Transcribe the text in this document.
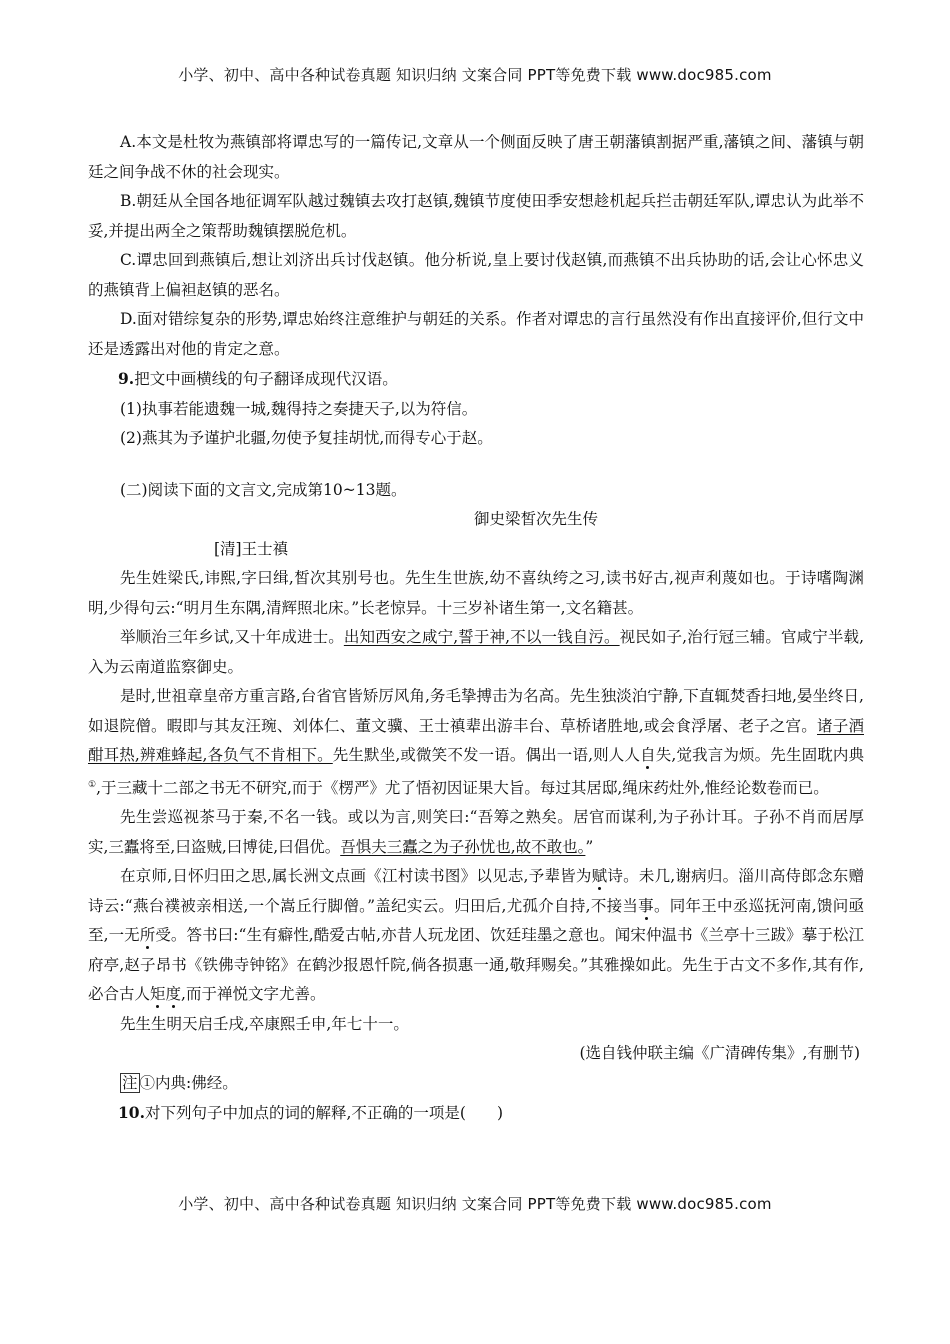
小学、初中、高中各种试卷真题 知识归纳 文案合同 PPT等免费下载 www.doc985.com

A.本文是杜牧为燕镇部将谭忠写的一篇传记,文章从一个侧面反映了唐王朝藩镇割据严重,藩镇之间、藩镇与朝廷之间争战不休的社会现实。

B.朝廷从全国各地征调军队越过魏镇去攻打赵镇,魏镇节度使田季安想趁机起兵拦击朝廷军队,谭忠认为此举不妥,并提出两全之策帮助魏镇摆脱危机。

C.谭忠回到燕镇后,想让刘济出兵讨伐赵镇。他分析说,皇上要讨伐赵镇,而燕镇不出兵协助的话,会让心怀忠义的燕镇背上偏袒赵镇的恶名。

D.面对错综复杂的形势,谭忠始终注意维护与朝廷的关系。作者对谭忠的言行虽然没有作出直接评价,但行文中还是透露出对他的肯定之意。

9.把文中画横线的句子翻译成现代汉语。

(1)执事若能遗魏一城,魏得持之奏捷天子,以为符信。

(2)燕其为予谨护北疆,勿使予复挂胡忧,而得专心于赵。

(二)阅读下面的文言文,完成第10~13题。

御史梁皙次先生传

[清]王士禛

先生姓梁氏,讳熙,字曰缉,皙次其别号也。先生生世族,幼不喜纨绔之习,读书好古,视声利蔑如也。于诗嗜陶渊明,少得句云:“明月生东隅,清辉照北床。”长老惊异。十三岁补诸生第一,文名籍甚。

举顺治三年乡试,又十年成进士。出知西安之咸宁,誓于神,不以一钱自污。视民如子,治行冠三辅。官咸宁半载,入为云南道监察御史。

是时,世祖章皇帝方重言路,台省官皆矫厉风角,务毛挚搏击为名高。先生独淡泊宁静,下直辄焚香扫地,晏坐终日,如退院僧。暇即与其友汪琬、刘体仁、董文骥、王士禛辈出游丰台、草桥诸胜地,或会食浮屠、老子之宫。诸子酒酣耳热,辨难蜂起,各负气不肯相下。先生默坐,或微笑不发一语。偶出一语,则人人自失,觉我言为烦。先生固耽内典①,于三藏十二部之书无不研究,而于《楞严》尤了悟初因证果大旨。每过其居邸,绳床药灶外,惟经论数卷而已。

先生尝巡视茶马于秦,不名一钱。或以为言,则笑曰:“吾筹之熟矣。居官而谋利,为子孙计耳。子孙不肖而居厚实,三蠹将至,曰盗贼,曰博徒,曰倡优。吾惧夫三蠹之为子孙忧也,故不敢也。”

在京师,日怀归田之思,属长洲文点画《江村读书图》以见志,予辈皆为赋诗。未几,谢病归。淄川高侍郎念东赠诗云:“燕台襆被亲相送,一个嵩丘行脚僧。”盖纪实云。归田后,尤孤介自持,不接当事。同年王中丞巡抚河南,馈问亟至,一无所受。答书曰:“生有癖性,酷爱古帖,亦昔人玩龙团、饮廷珪墨之意也。闻宋仲温书《兰亭十三跋》摹于松江府亭,赵子昂书《铁佛寺钟铭》在鹤沙报恩忏院,倘各损惠一通,敬拜赐矣。”其雅操如此。先生于古文不多作,其有作,必合古人矩度,而于禅悦文字尤善。

先生生明天启壬戌,卒康熙壬申,年七十一。

(选自钱仲联主编《广清碑传集》,有删节)

注 ①内典:佛经。

10.对下列句子中加点的词的解释,不正确的一项是(　　)

小学、初中、高中各种试卷真题 知识归纳 文案合同 PPT等免费下载 www.doc985.com
